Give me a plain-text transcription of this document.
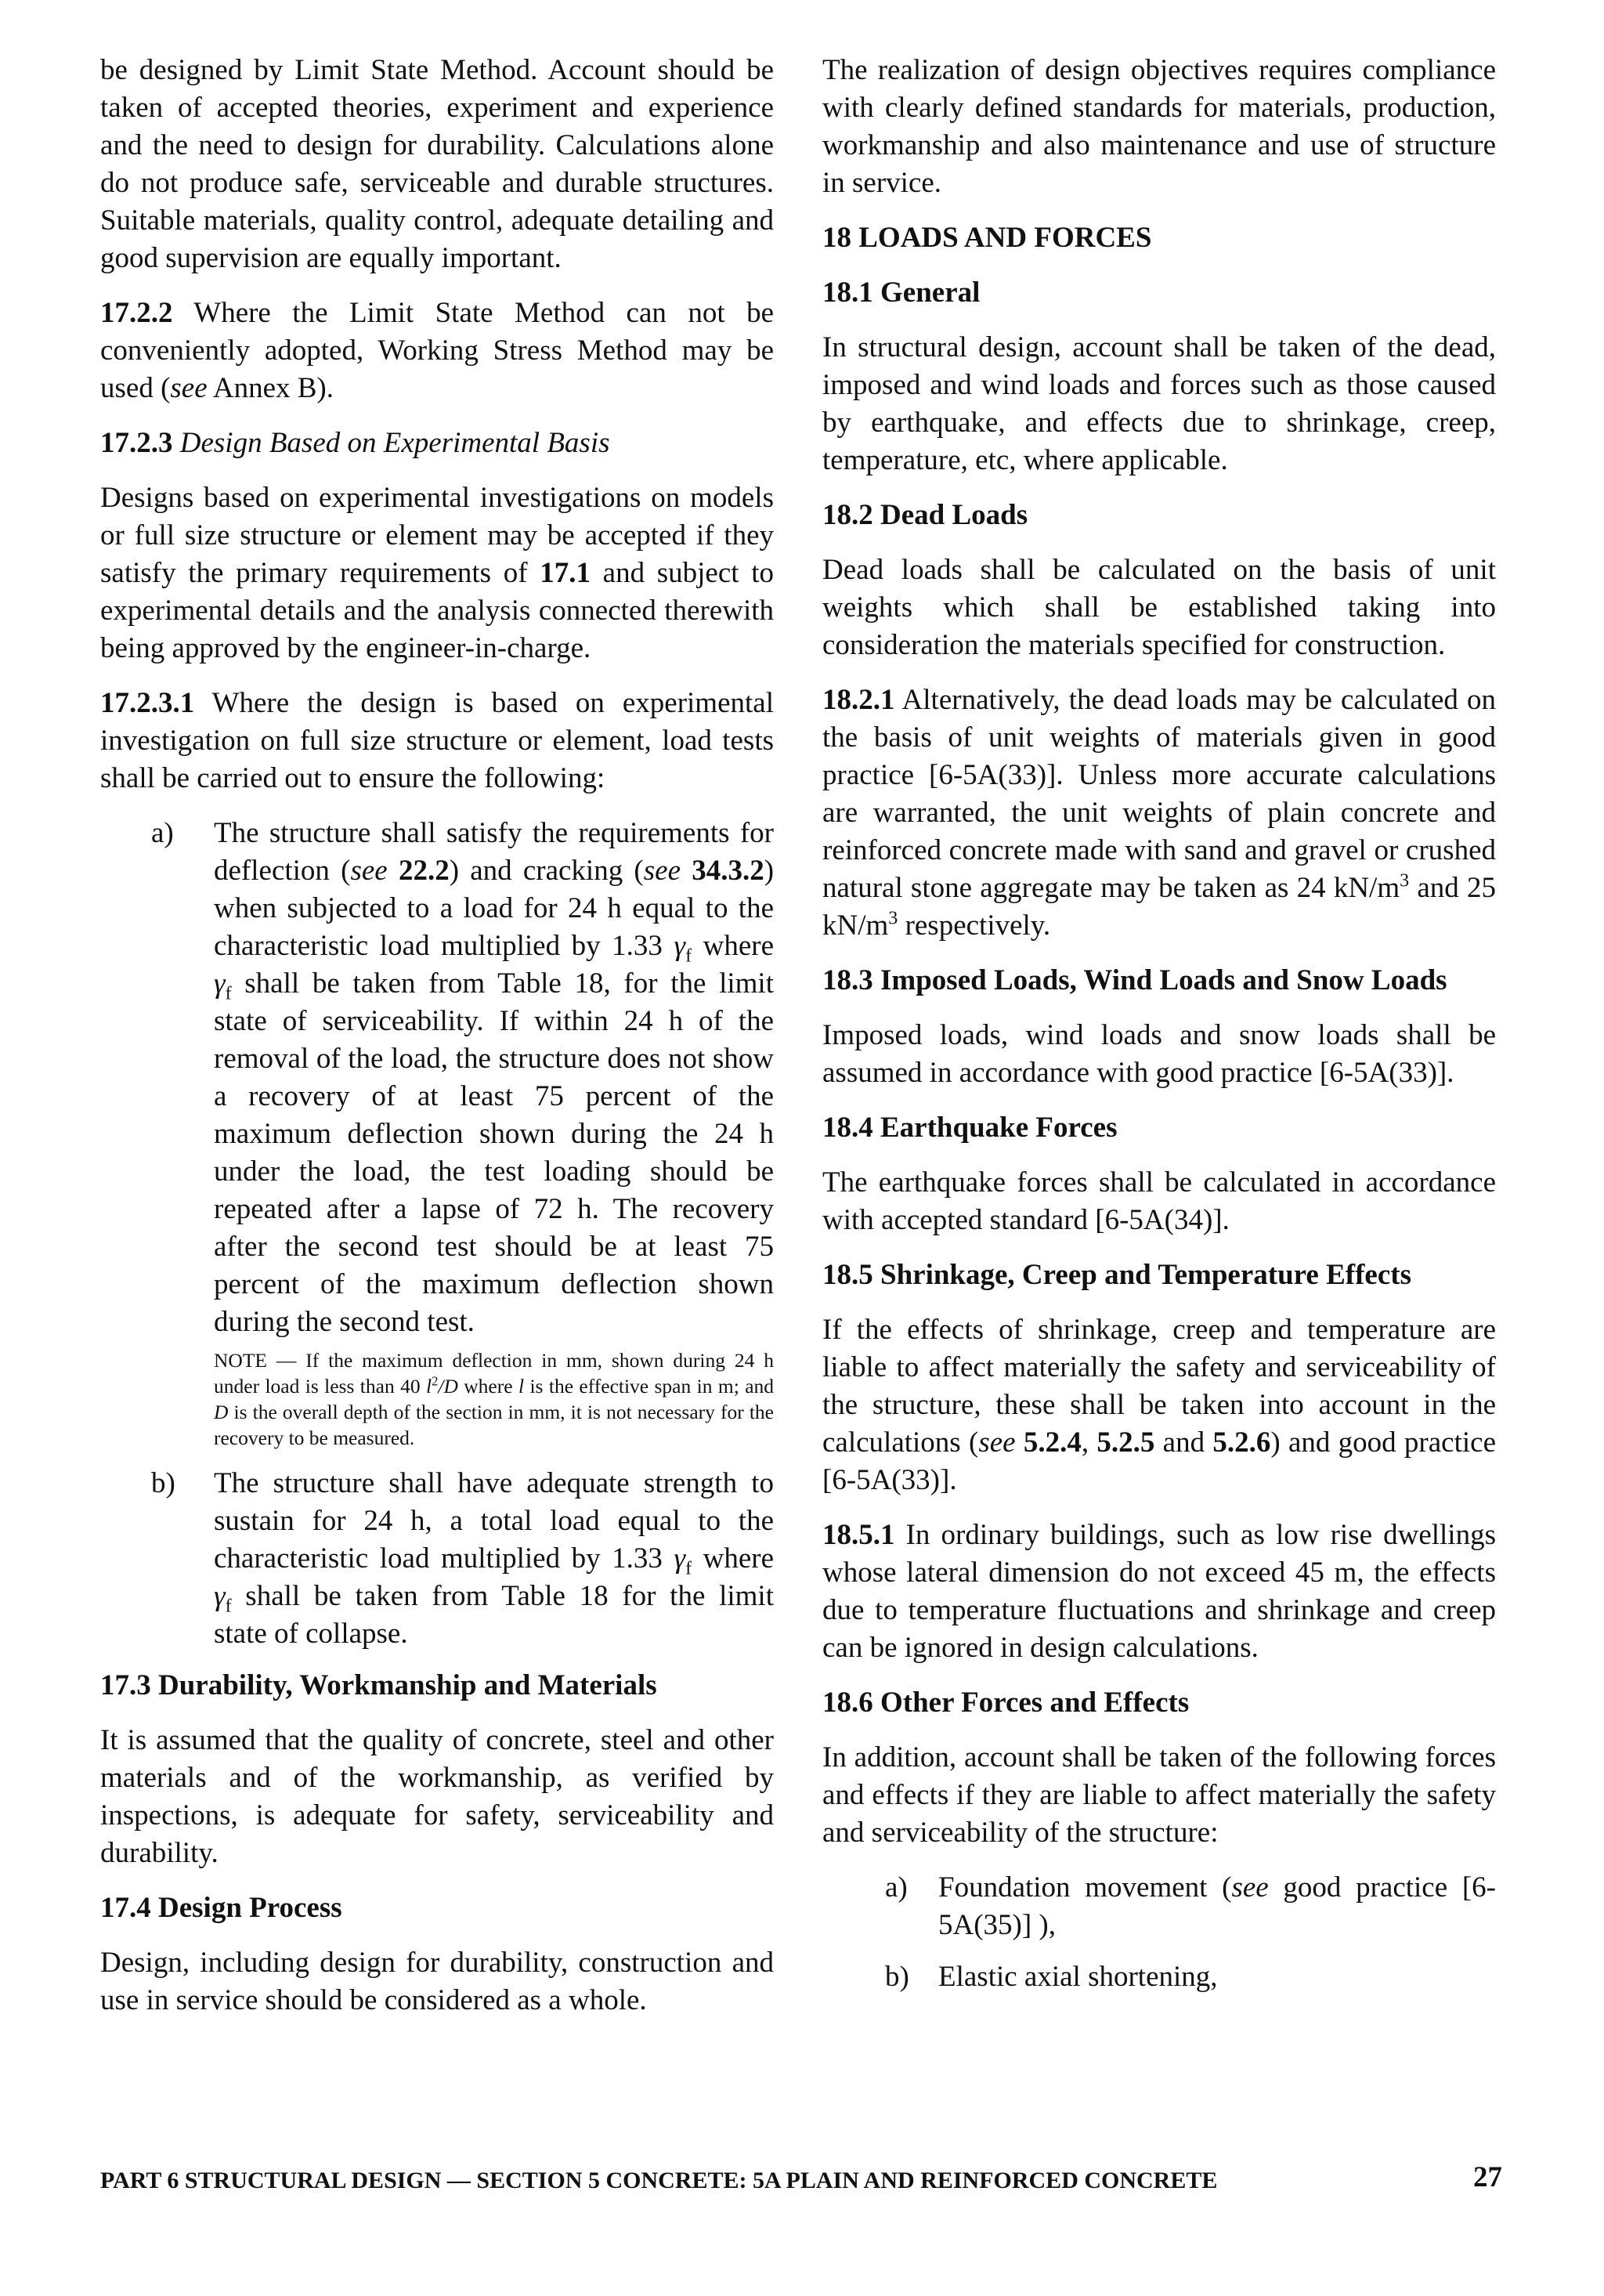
be designed by Limit State Method. Account should be taken of accepted theories, experiment and experience and the need to design for durability. Calculations alone do not produce safe, serviceable and durable structures. Suitable materials, quality control, adequate detailing and good supervision are equally important.

17.2.2 Where the Limit State Method can not be conveniently adopted, Working Stress Method may be used (see Annex B).

17.2.3 Design Based on Experimental Basis

Designs based on experimental investigations on models or full size structure or element may be accepted if they satisfy the primary requirements of 17.1 and subject to experimental details and the analysis connected therewith being approved by the engineer-in-charge.

17.2.3.1 Where the design is based on experimental investigation on full size structure or element, load tests shall be carried out to ensure the following:

a) The structure shall satisfy the requirements for deflection (see 22.2) and cracking (see 34.3.2) when subjected to a load for 24 h equal to the characteristic load multiplied by 1.33 $\gamma_f$ where $\gamma_f$ shall be taken from Table 18, for the limit state of serviceability. If within 24 h of the removal of the load, the structure does not show a recovery of at least 75 percent of the maximum deflection shown during the 24 h under the load, the test loading should be repeated after a lapse of 72 h. The recovery after the second test should be at least 75 percent of the maximum deflection shown during the second test.
NOTE — If the maximum deflection in mm, shown during 24 h under load is less than 40 $l^2/D$ where l is the effective span in m; and D is the overall depth of the section in mm, it is not necessary for the recovery to be measured.
b) The structure shall have adequate strength to sustain for 24 h, a total load equal to the characteristic load multiplied by 1.33 $\gamma_f$ where $\gamma_f$ shall be taken from Table 18 for the limit state of collapse.
17.3 Durability, Workmanship and Materials

It is assumed that the quality of concrete, steel and other materials and of the workmanship, as verified by inspections, is adequate for safety, serviceability and durability.

17.4 Design Process

Design, including design for durability, construction and use in service should be considered as a whole.

The realization of design objectives requires compliance with clearly defined standards for materials, production, workmanship and also maintenance and use of structure in service.

18 LOADS AND FORCES
18.1 General

In structural design, account shall be taken of the dead, imposed and wind loads and forces such as those caused by earthquake, and effects due to shrinkage, creep, temperature, etc, where applicable.

18.2 Dead Loads

Dead loads shall be calculated on the basis of unit weights which shall be established taking into consideration the materials specified for construction.

18.2.1 Alternatively, the dead loads may be calculated on the basis of unit weights of materials given in good practice [6-5A(33)]. Unless more accurate calculations are warranted, the unit weights of plain concrete and reinforced concrete made with sand and gravel or crushed natural stone aggregate may be taken as 24 $kN/m^3$ and 25 $kN/m^3$ respectively.

18.3 Imposed Loads, Wind Loads and Snow Loads

Imposed loads, wind loads and snow loads shall be assumed in accordance with good practice [6-5A(33)].

18.4 Earthquake Forces

The earthquake forces shall be calculated in accordance with accepted standard [6-5A(34)].

18.5 Shrinkage, Creep and Temperature Effects

If the effects of shrinkage, creep and temperature are liable to affect materially the safety and serviceability of the structure, these shall be taken into account in the calculations (see 5.2.4, 5.2.5 and 5.2.6) and good practice [6-5A(33)].

18.5.1 In ordinary buildings, such as low rise dwellings whose lateral dimension do not exceed 45 m, the effects due to temperature fluctuations and shrinkage and creep can be ignored in design calculations.

18.6 Other Forces and Effects

In addition, account shall be taken of the following forces and effects if they are liable to affect materially the safety and serviceability of the structure:

a) Foundation movement (see good practice [6-5A(35)] ),
b) Elastic axial shortening,
PART 6 STRUCTURAL DESIGN — SECTION 5 CONCRETE: 5A PLAIN AND REINFORCED CONCRETE	27
